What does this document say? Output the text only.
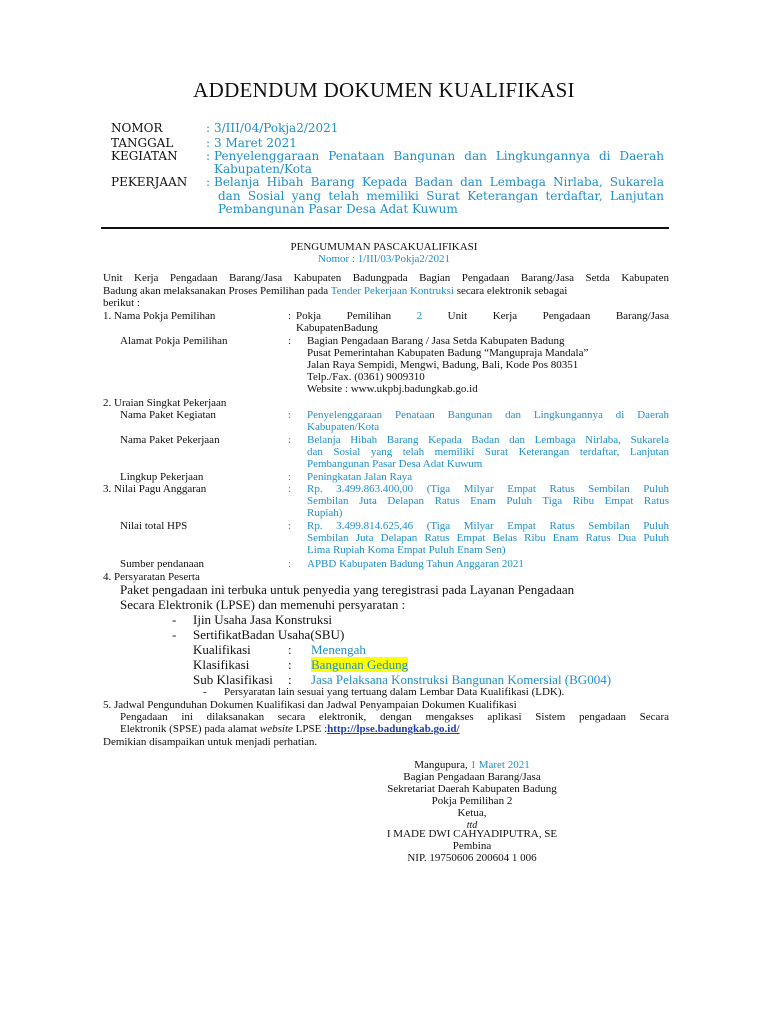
ADDENDUM DOKUMEN KUALIFIKASI
NOMOR	: 3/III/04/Pokja2/2021
TANGGAL	: 3 Maret 2021
KEGIATAN : Penyelenggaraan Penataan Bangunan dan Lingkungannya di Daerah
Kabupaten/Kota
PEKERJAAN : Belanja Hibah Barang Kepada Badan dan Lembaga Nirlaba, Sukarela
dan Sosial yang telah memiliki Surat Keterangan terdaftar, Lanjutan
Pembangunan Pasar Desa Adat Kuwum
PENGUMUMAN PASCAKUALIFIKASI
Nomor : 1/III/03/Pokja2/2021
Unit Kerja Pengadaan Barang/Jasa Kabupaten Badungpada Bagian Pengadaan Barang/Jasa Setda Kabupaten
Badung akan melaksanakan Proses Pemilihan pada Tender Pekerjaan Kontruksi secara elektronik sebagai
berikut :
1. Nama Pokja Pemilihan	: Pokja Pemilihan 2 Unit Kerja Pengadaan Barang/Jasa
KabupatenBadung
Alamat Pokja Pemilihan	: Bagian Pengadaan Barang / Jasa Setda Kabupaten Badung
Pusat Pemerintahan Kabupaten Badung “Mangupraja Mandala”
Jalan Raya Sempidi, Mengwi, Badung, Bali, Kode Pos 80351
Telp./Fax. (0361) 9009310
Website : www.ukpbj.badungkab.go.id
2. Uraian Singkat Pekerjaan
Nama Paket Kegiatan	: Penyelenggaraan Penataan Bangunan dan Lingkungannya di Daerah
Kabupaten/Kota
Nama Paket Pekerjaan	: Belanja Hibah Barang Kepada Badan dan Lembaga Nirlaba, Sukarela
dan Sosial yang telah memiliki Surat Keterangan terdaftar, Lanjutan
Pembangunan Pasar Desa Adat Kuwum
Lingkup Pekerjaan	: Peningkatan Jalan Raya
3. Nilai Pagu Anggaran	: Rp. 3.499.863.400,00 (Tiga Milyar Empat Ratus Sembilan Puluh
Sembilan Juta Delapan Ratus Enam Puluh Tiga Ribu Empat Ratus
Rupiah)
Nilai total HPS	: Rp. 3.499.814.625,46 (Tiga Milyar Empat Ratus Sembilan Puluh
Sembilan Juta Delapan Ratus Empat Belas Ribu Enam Ratus Dua Puluh
Lima Rupiah Koma Empat Puluh Enam Sen)
Sumber pendanaan	: APBD Kabupaten Badung Tahun Anggaran 2021
4. Persyaratan Peserta
Paket pengadaan ini terbuka untuk penyedia yang teregistrasi pada Layanan Pengadaan
Secara Elektronik (LPSE) dan memenuhi persyaratan :
- Ijin Usaha Jasa Konstruksi
- SertifikatBadan Usaha(SBU)
Kualifikasi	: Menengah
Klasifikasi	: Bangunan Gedung
Sub Klasifikasi : Jasa Pelaksana Konstruksi Bangunan Komersial (BG004)
- Persyaratan lain sesuai yang tertuang dalam Lembar Data Kualifikasi (LDK).
5. Jadwal Pengunduhan Dokumen Kualifikasi dan Jadwal Penyampaian Dokumen Kualifikasi
Pengadaan ini dilaksanakan secara elektronik, dengan mengakses aplikasi Sistem pengadaan Secara
Elektronik (SPSE) pada alamat website LPSE :http://lpse.badungkab.go.id/
Demikian disampaikan untuk menjadi perhatian.
Mangupura, 1 Maret 2021
Bagian Pengadaan Barang/Jasa
Sekretariat Daerah Kabupaten Badung
Pokja Pemilihan 2
Ketua,
ttd
I MADE DWI CAHYADIPUTRA, SE
Pembina
NIP. 19750606 200604 1 006
